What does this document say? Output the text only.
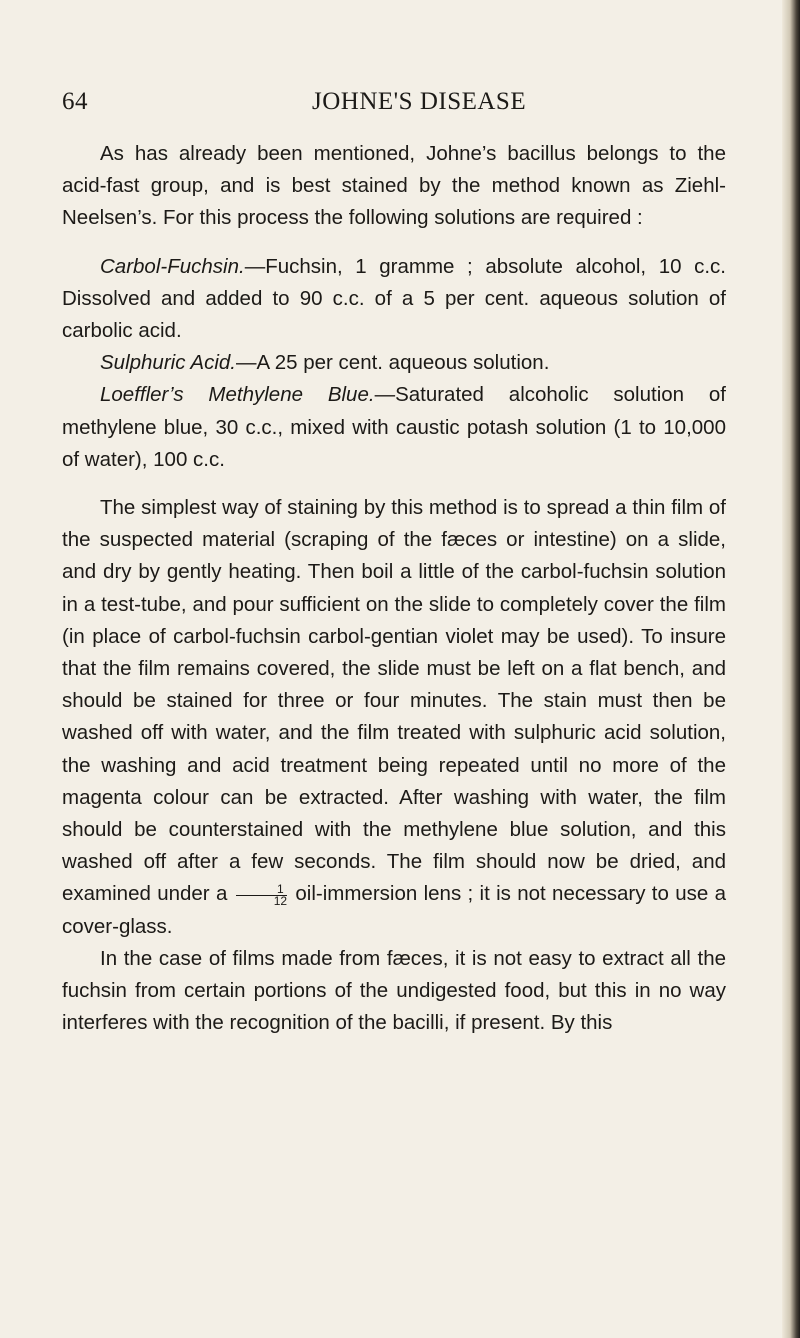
64	JOHNE'S DISEASE

As has already been mentioned, Johne’s bacillus belongs to the acid-fast group, and is best stained by the method known as Ziehl-Neelsen’s. For this process the following solutions are required :

Carbol-Fuchsin.—Fuchsin, 1 gramme ; absolute alcohol, 10 c.c. Dissolved and added to 90 c.c. of a 5 per cent. aqueous solution of carbolic acid.

Sulphuric Acid.—A 25 per cent. aqueous solution.

Loeffler’s Methylene Blue.—Saturated alcoholic solution of methylene blue, 30 c.c., mixed with caustic potash solution (1 to 10,000 of water), 100 c.c.

The simplest way of staining by this method is to spread a thin film of the suspected material (scraping of the fæces or intestine) on a slide, and dry by gently heating. Then boil a little of the carbol-fuchsin solution in a test-tube, and pour sufficient on the slide to completely cover the film (in place of carbol-fuchsin carbol-gentian violet may be used). To insure that the film remains covered, the slide must be left on a flat bench, and should be stained for three or four minutes. The stain must then be washed off with water, and the film treated with sulphuric acid solution, the washing and acid treatment being repeated until no more of the magenta colour can be extracted. After washing with water, the film should be counterstained with the methylene blue solution, and this washed off after a few seconds. The film should now be dried, and examined under a $\frac{1}{12}$ oil-immersion lens ; it is not necessary to use a cover-glass.

In the case of films made from fæces, it is not easy to extract all the fuchsin from certain portions of the undigested food, but this in no way interferes with the recognition of the bacilli, if present. By this
